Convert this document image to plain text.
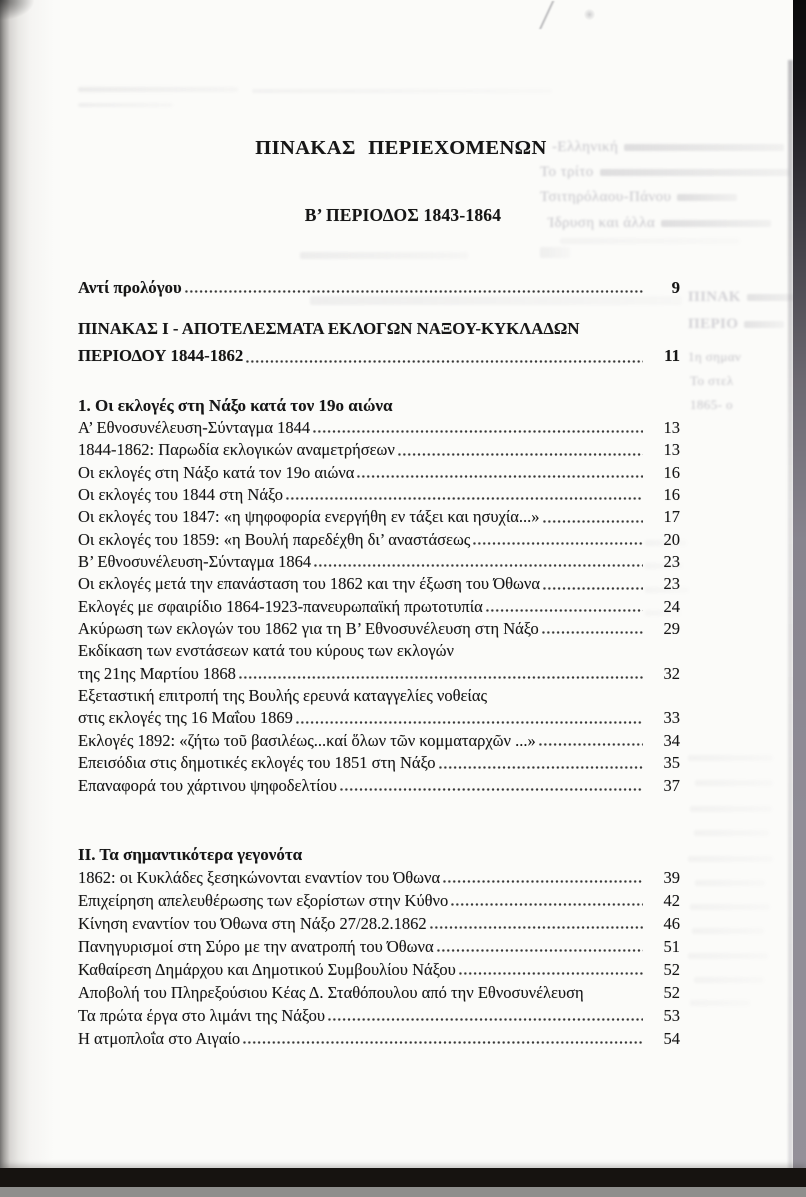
-Ελληνική
Το τρίτο
Τσιτηρόλαου-Πάνου
Ίδρυση και άλλα
ΠΙΝΑΚ
ΠΕΡΙΟ
1η σημαν
Το στελ
1865- ο
ΠΙΝΑΚΑΣ ΠΕΡΙΕΧΟΜΕΝΩΝ
Β’ ΠΕΡΙΟΔΟΣ 1843-1864
Αντί προλόγου	9
ΠΙΝΑΚΑΣ Ι - ΑΠΟΤΕΛΕΣΜΑΤΑ ΕΚΛΟΓΩΝ ΝΑΞΟΥ-ΚΥΚΛΑΔΩΝ
ΠΕΡΙΟΔΟΥ 1844-1862	11
1. Οι εκλογές στη Νάξο κατά τον 19ο αιώνα
Α’ Εθνοσυνέλευση-Σύνταγμα 1844	13
1844-1862: Παρωδία εκλογικών αναμετρήσεων	13
Οι εκλογές στη Νάξο κατά τον 19ο αιώνα	16
Οι εκλογές του 1844 στη Νάξο	16
Οι εκλογές του 1847: «η ψηφοφορία ενεργήθη εν τάξει και ησυχία...»	17
Οι εκλογές του 1859: «η Βουλή παρεδέχθη δι’ αναστάσεως	20
Β’ Εθνοσυνέλευση-Σύνταγμα 1864	23
Οι εκλογές μετά την επανάσταση του 1862 και την έξωση του Όθωνα	23
Εκλογές με σφαιρίδιο 1864-1923-πανευρωπαϊκή πρωτοτυπία	24
Ακύρωση των εκλογών του 1862 για τη Β’ Εθνοσυνέλευση στη Νάξο	29
Εκδίκαση των ενστάσεων κατά του κύρους των εκλογών
της 21ης Μαρτίου 1868	32
Εξεταστική επιτροπή της Βουλής ερευνά καταγγελίες νοθείας
στις εκλογές της 16 Μαΐου 1869	33
Εκλογές 1892: «ζήτω τοῦ βασιλέως...καί ὅλων τῶν κομματαρχῶν ...»	34
Επεισόδια στις δημοτικές εκλογές του 1851 στη Νάξο	35
Επαναφορά του χάρτινου ψηφοδελτίου	37
ΙΙ. Τα σημαντικότερα γεγονότα
1862: οι Κυκλάδες ξεσηκώνονται εναντίον του Όθωνα	39
Επιχείρηση απελευθέρωσης των εξορίστων στην Κύθνο	42
Κίνηση εναντίον του Όθωνα στη Νάξο 27/28.2.1862	46
Πανηγυρισμοί στη Σύρο με την ανατροπή του Όθωνα	51
Καθαίρεση Δημάρχου και Δημοτικού Συμβουλίου Νάξου	52
Αποβολή του Πληρεξούσιου Κέας Δ. Σταθόπουλου από την Εθνοσυνέλευση	52
Τα πρώτα έργα στο λιμάνι της Νάξου	53
Η ατμοπλοΐα στο Αιγαίο	54
